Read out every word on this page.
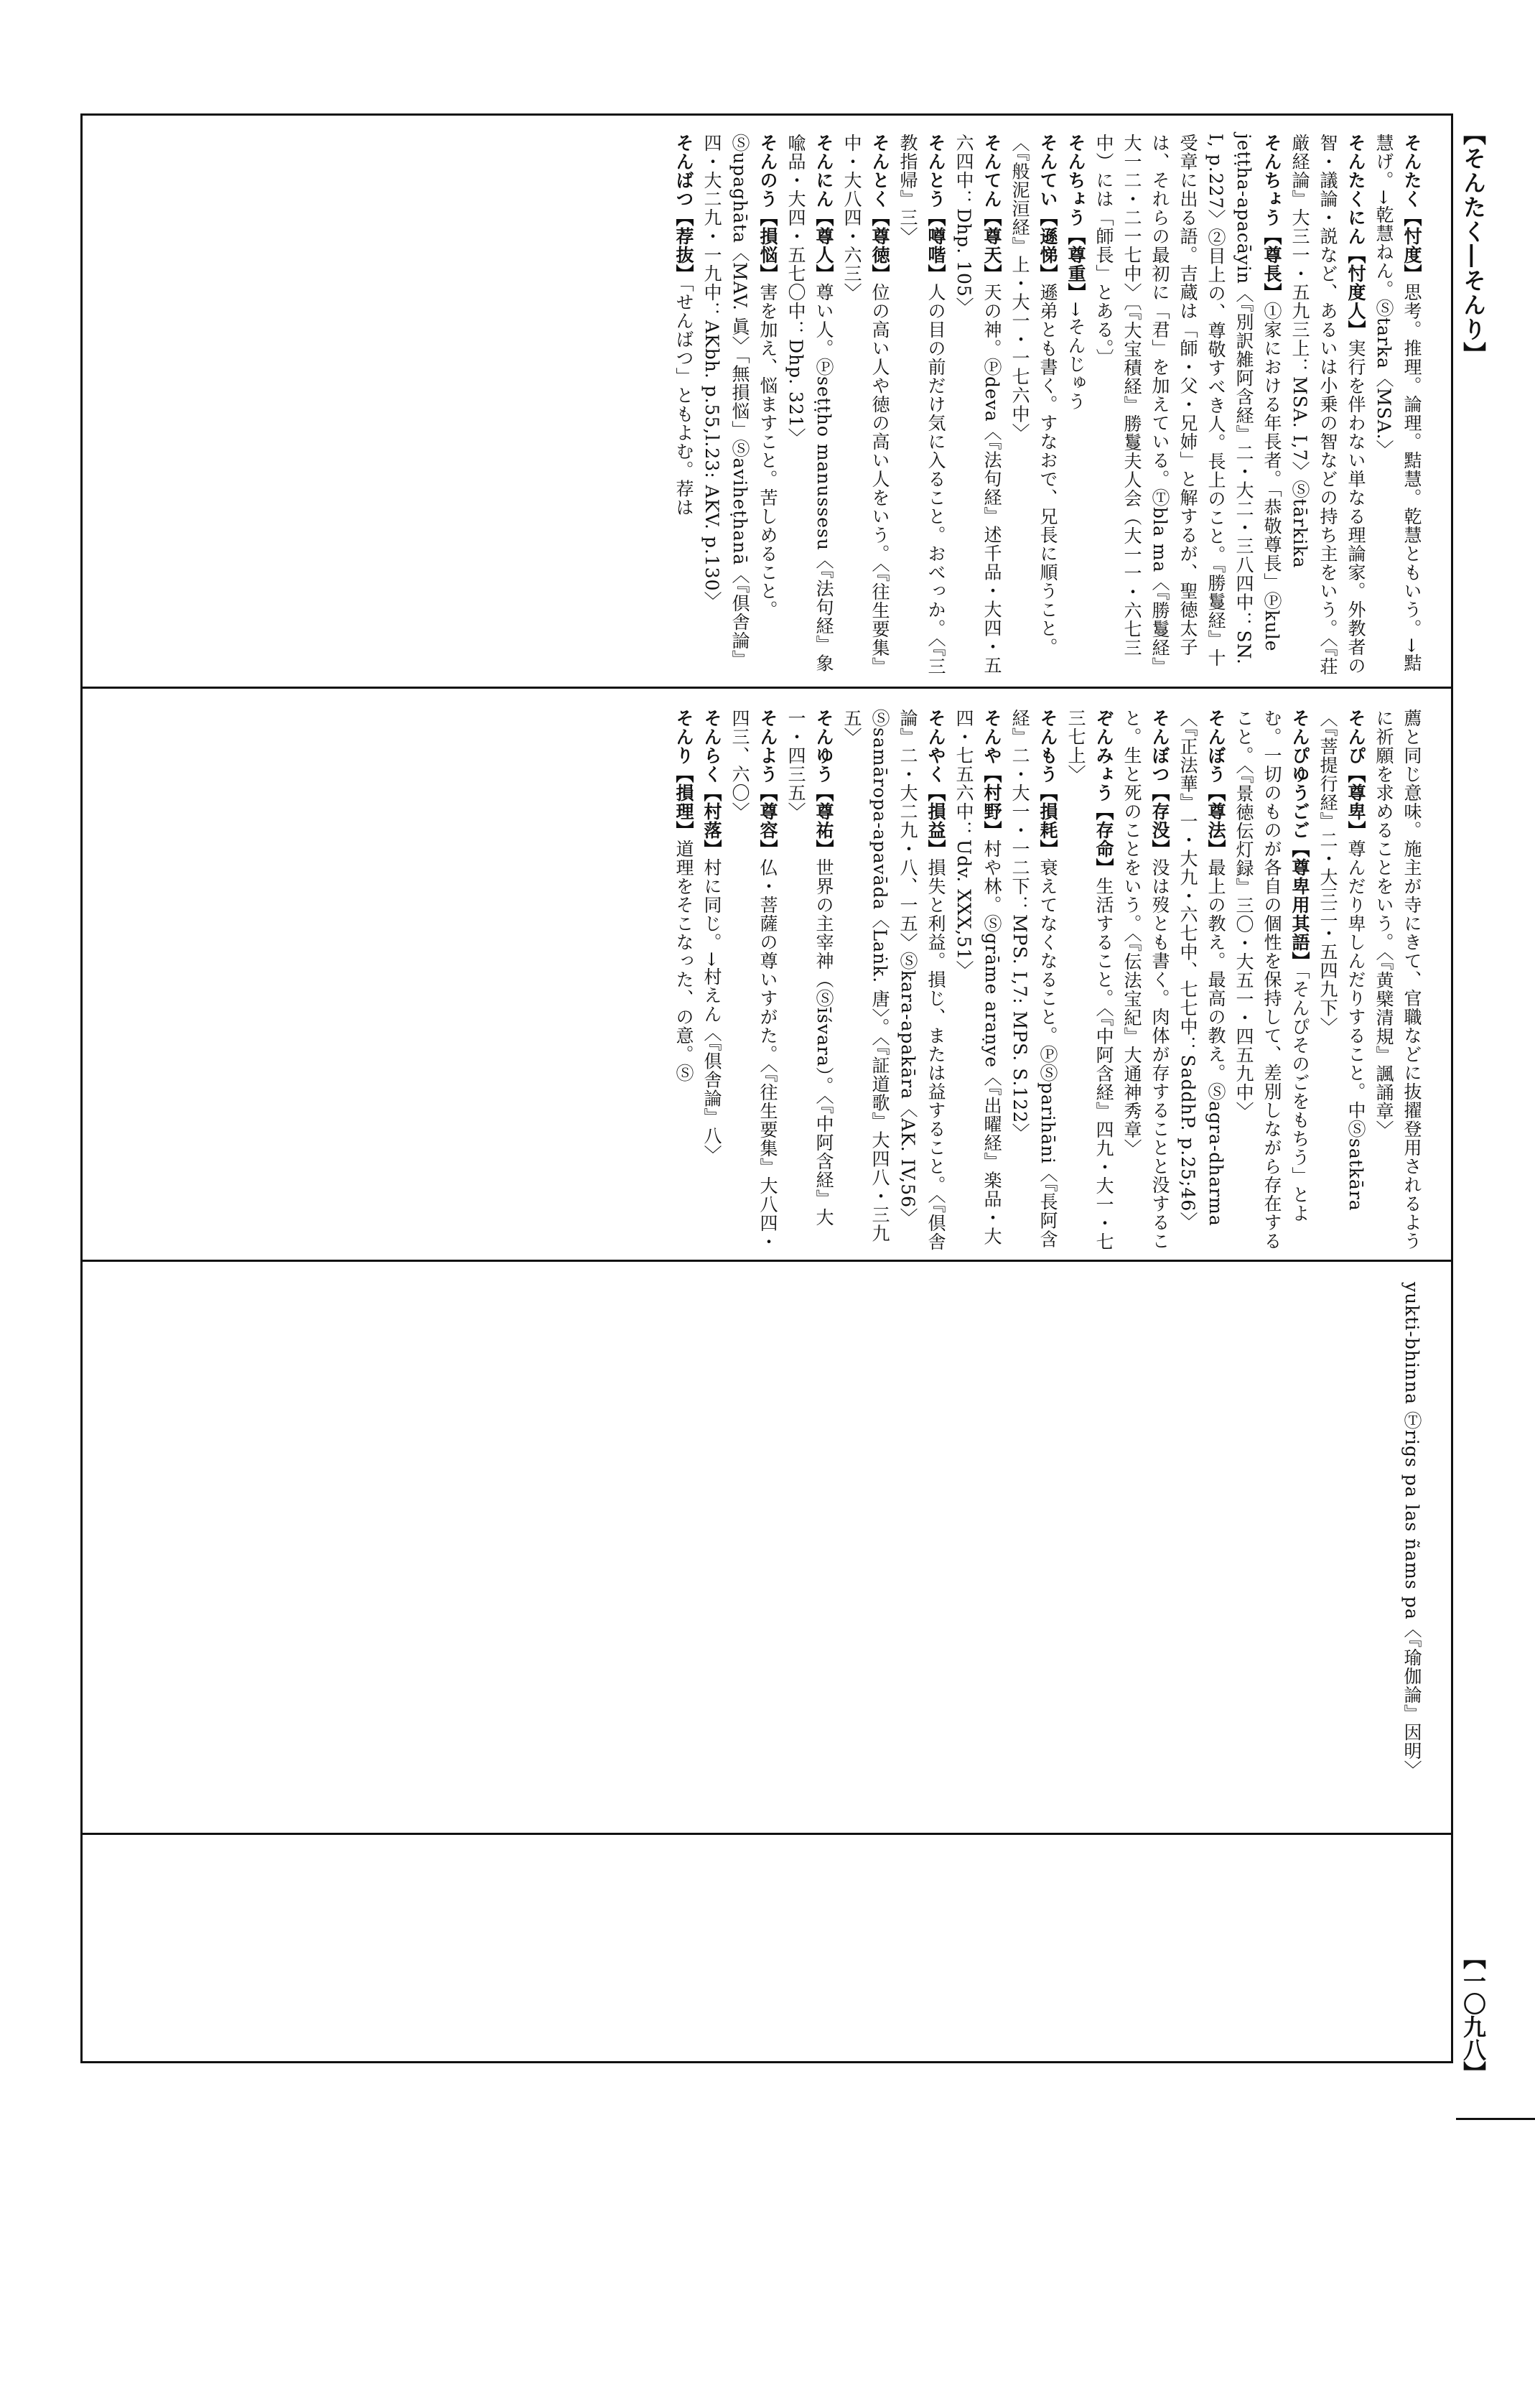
【そんたく―そんり】
【一〇九八】
そんたく【忖度】思考。推理。論理。黠慧。乾慧ともいう。→黠慧げ。→乾慧ねん。Ⓢtarka〈MSA.〉
そんたくにん【忖度人】実行を伴わない単なる理論家。外教者の智・議論・説など、あるいは小乗の智などの持ち主をいう。〈『荘厳経論』大三一・五九三上：MSA. I,7〉Ⓢtārkika
そんちょう【尊長】①家における年長者。「恭敬尊長」Ⓟkule jeṭṭha-apacāyin〈『別訳雑阿含経』二・大二・三八四中：SN. I, p.227〉②目上の、尊敬すべき人。長上のこと。『勝鬘経』十受章に出る語。吉蔵は「師・父・兄姉」と解するが、聖徳太子は、それらの最初に「君」を加えている。Ⓣbla ma〈『勝鬘経』大一二・二一七中〉〔『大宝積経』勝鬘夫人会（大一一・六七三中）には「師長」とある。〕
そんちょう【尊重】→そんじゅう
そんてい【遜悌】遜弟とも書く。すなおで、兄長に順うこと。〈『般泥洹経』上・大一・一七六中〉
そんてん【尊天】天の神。Ⓟdeva〈『法句経』述千品・大四・五六四中：Dhp. 105〉
そんとう【噂喈】人の目の前だけ気に入ること。おべっか。〈『三教指帰』三〉
そんとく【尊徳】位の高い人や徳の高い人をいう。〈『往生要集』中・大八四・六三〉
そんにん【尊人】尊い人。Ⓟseṭṭho manussesu〈『法句経』象喩品・大四・五七〇中：Dhp. 321〉
そんのう【損悩】害を加え、悩ますこと。苦しめること。Ⓢupaghāta〈MAV. 眞〉「無損悩」Ⓢaviheṭhanā〈『倶舎論』四・大二九・一九中：AKbh. p.55,l.23: AKV. p.130〉
そんばつ【荐抜】「せんばつ」ともよむ。荐は
薦と同じ意味。施主が寺にきて、官職などに抜擢登用されるように祈願を求めることをいう。〈『黄檗清規』諷誦章〉
そんぴ【尊卑】尊んだり卑しんだりすること。中Ⓢsatkāra〈『菩提行経』二・大三二・五四九下〉
そんぴゆうごご【尊卑用其語】「そんぴそのごをもちう」とよむ。一切のものが各自の個性を保持して、差別しながら存在すること。〈『景徳伝灯録』三〇・大五一・四五九中〉
そんぼう【尊法】最上の教え。最高の教え。Ⓢagra-dharma〈『正法華』一・大九・六七中、七七中：SaddhP. p.25;46〉
そんぼつ【存没】没は歿とも書く。肉体が存することと没すること。生と死のことをいう。〈『伝法宝紀』大通神秀章〉
ぞんみょう【存命】生活すること。〈『中阿含経』四九・大一・七三七上〉
そんもう【損耗】衰えてなくなること。ⓅⓈparihāni〈『長阿含経』二・大一・一二下：MPS. I,7: MPS. S.122〉
そんや【村野】村や林。Ⓢgrāme araṇye〈『出曜経』楽品・大四・七五六中：Udv. XXX,51〉
そんやく【損益】損失と利益。損じ、または益すること。〈『倶舎論』二・大二九・八、一五〉Ⓢkara-apakāra〈AK. IV,56〉Ⓢsamāropa-apavāda〈Laṅk. 唐〉。〈『証道歌』大四八・三九五〉
そんゆう【尊祐】世界の主宰神（Ⓢīśvara）。〈『中阿含経』大一・四三五〉
そんよう【尊容】仏・菩薩の尊いすがた。〈『往生要集』大八四・四三、六〇〉
そんらく【村落】村に同じ。→村えん〈『倶舎論』八〉
そんり【損理】道理をそこなった、の意。Ⓢ
yukti-bhinna Ⓣrigs pa las ñams pa〈『瑜伽論』因明〉
